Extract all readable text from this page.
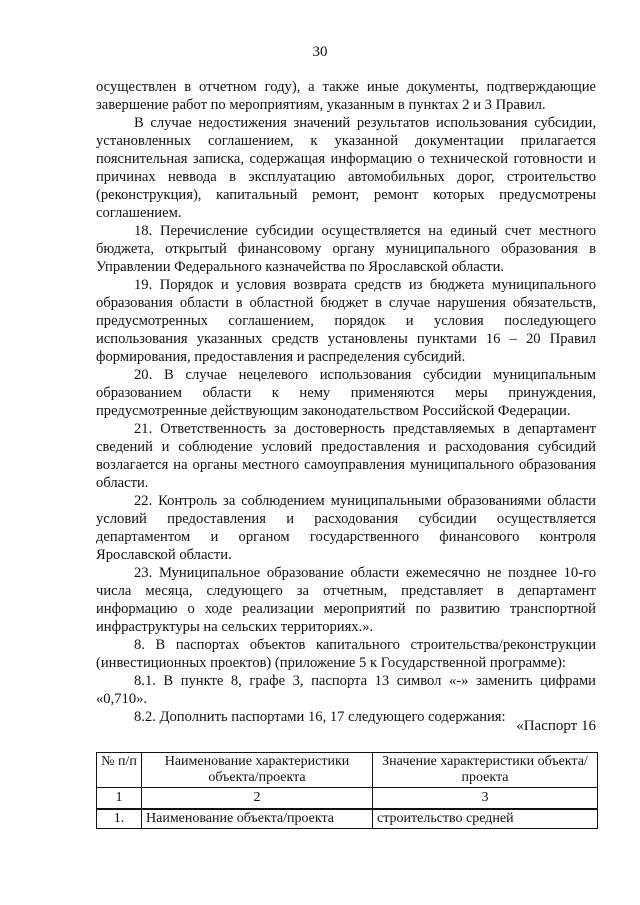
30

осуществлен в отчетном году), а также иные документы, подтверждающие завершение работ по мероприятиям, указанным в пунктах 2 и 3 Правил.

В случае недостижения значений результатов использования субсидии, установленных соглашением, к указанной документации прилагается пояснительная записка, содержащая информацию о технической готовности и причинах неввода в эксплуатацию автомобильных дорог, строительство (реконструкция), капитальный ремонт, ремонт которых предусмотрены соглашением.

18. Перечисление субсидии осуществляется на единый счет местного бюджета, открытый финансовому органу муниципального образования в Управлении Федерального казначейства по Ярославской области.

19. Порядок и условия возврата средств из бюджета муниципального образования области в областной бюджет в случае нарушения обязательств, предусмотренных соглашением, порядок и условия последующего использования указанных средств установлены пунктами 16 – 20 Правил формирования, предоставления и распределения субсидий.

20. В случае нецелевого использования субсидии муниципальным образованием области к нему применяются меры принуждения, предусмотренные действующим законодательством Российской Федерации.

21. Ответственность за достоверность представляемых в департамент сведений и соблюдение условий предоставления и расходования субсидий возлагается на органы местного самоуправления муниципального образования области.

22. Контроль за соблюдением муниципальными образованиями области условий предоставления и расходования субсидии осуществляется департаментом и органом государственного финансового контроля Ярославской области.

23. Муниципальное образование области ежемесячно не позднее 10-го числа месяца, следующего за отчетным, представляет в департамент информацию о ходе реализации мероприятий по развитию транспортной инфраструктуры на сельских территориях.».

8. В паспортах объектов капитального строительства/реконструкции (инвестиционных проектов) (приложение 5 к Государственной программе):

8.1. В пункте 8, графе 3, паспорта 13 символ «-» заменить цифрами «0,710».

8.2. Дополнить паспортами 16, 17 следующего содержания:

«Паспорт 16
№ п/п	Наименование характеристики объекта/проекта	Значение характеристики объекта/проекта
1	2	3
1.	Наименование объекта/проекта	строительство средней
